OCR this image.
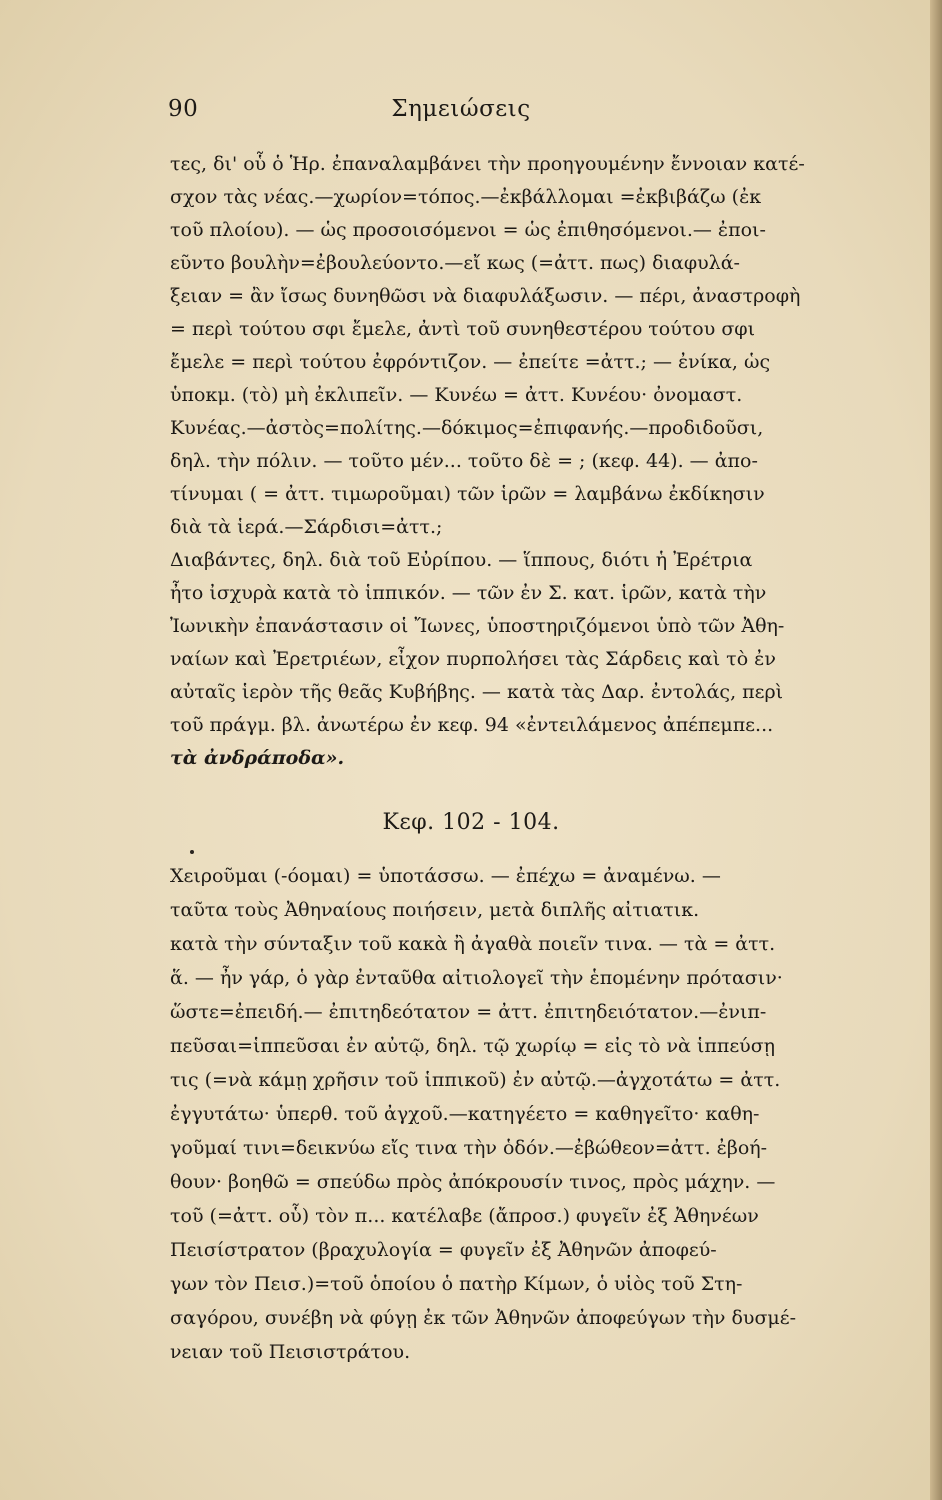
90	Σημειώσεις
τες, δι' οὗ ὁ Ἡρ. ἐπαναλαμβάνει τὴν προηγουμένην ἔννοιαν κατέ-
σχον τὰς νέας.—χωρίον=τόπος.—ἐκβάλλομαι =ἐκβιβάζω (ἐκ
τοῦ πλοίου). — ὡς προσοισόμενοι = ὡς ἐπιθησόμενοι.— ἐποι-
εῦντο βουλὴν=ἐβουλεύοντο.—εἴ κως (=ἀττ. πως) διαφυλά-
ξειαν = ἂν ἴσως δυνηθῶσι νὰ διαφυλάξωσιν. — πέρι, ἀναστροφὴ
= περὶ τούτου σφι ἔμελε, ἀντὶ τοῦ συνηθεστέρου τούτου σφι
ἔμελε = περὶ τούτου ἐφρόντιζον. — ἐπείτε =ἀττ.; — ἐνίκα, ὡς
ὑποκμ. (τὸ) μὴ ἐκλιπεῖν. — Κυνέω = ἀττ. Κυνέου· ὀνομαστ.
Κυνέας.—ἀστὸς=πολίτης.—δόκιμος=ἐπιφανής.—προδιδοῦσι,
δηλ. τὴν πόλιν. — τοῦτο μέν... τοῦτο δὲ = ; (κεφ. 44). — ἀπο-
τίνυμαι ( = ἀττ. τιμωροῦμαι) τῶν ἱρῶν = λαμβάνω ἐκδίκησιν
διὰ τὰ ἱερά.—Σάρδισι=ἀττ.;
Διαβάντες, δηλ. διὰ τοῦ Εὐρίπου. — ἵππους, διότι ἡ Ἐρέτρια
ἦτο ἰσχυρὰ κατὰ τὸ ἱππικόν. — τῶν ἐν Σ. κατ. ἱρῶν, κατὰ τὴν
Ἰωνικὴν ἐπανάστασιν οἱ Ἴωνες, ὑποστηριζόμενοι ὑπὸ τῶν Ἀθη-
ναίων καὶ Ἐρετριέων, εἶχον πυρπολήσει τὰς Σάρδεις καὶ τὸ ἐν
αὐταῖς ἱερὸν τῆς θεᾶς Κυβήβης. — κατὰ τὰς Δαρ. ἐντολάς, περὶ
τοῦ πράγμ. βλ. ἀνωτέρω ἐν κεφ. 94 «ἐντειλάμενος ἀπέπεμπε...
τὰ ἀνδράποδα».
Κεφ. 102 - 104.
Χειροῦμαι (-όομαι) = ὑποτάσσω. — ἐπέχω = ἀναμένω. —
ταῦτα τοὺς Ἀθηναίους ποιήσειν, μετὰ διπλῆς αἰτιατικ.
κατὰ τὴν σύνταξιν τοῦ κακὰ ἢ ἀγαθὰ ποιεῖν τινα. — τὰ = ἀττ.
ἅ. — ἦν γάρ, ὁ γὰρ ἐνταῦθα αἰτιολογεῖ τὴν ἑπομένην πρότασιν·
ὥστε=ἐπειδή.— ἐπιτηδεότατον = ἀττ. ἐπιτηδειότατον.—ἐνιπ-
πεῦσαι=ἱππεῦσαι ἐν αὐτῷ, δηλ. τῷ χωρίῳ = εἰς τὸ νὰ ἱππεύσῃ
τις (=νὰ κάμῃ χρῆσιν τοῦ ἱππικοῦ) ἐν αὐτῷ.—ἀγχοτάτω = ἀττ.
ἐγγυτάτω· ὑπερθ. τοῦ ἀγχοῦ.—κατηγέετο = καθηγεῖτο· καθη-
γοῦμαί τινι=δεικνύω εἴς τινα τὴν ὁδόν.—ἐβώθεον=ἀττ. ἐβοή-
θουν· βοηθῶ = σπεύδω πρὸς ἀπόκρουσίν τινος, πρὸς μάχην. —
τοῦ (=ἀττ. οὗ) τὸν π... κατέλαβε (ἄπροσ.) φυγεῖν ἐξ Ἀθηνέων
Πεισίστρατον (βραχυλογία = φυγεῖν ἐξ Ἀθηνῶν ἀποφεύ-
γων τὸν Πεισ.)=τοῦ ὁποίου ὁ πατὴρ Κίμων, ὁ υἱὸς τοῦ Στη-
σαγόρου, συνέβη νὰ φύγῃ ἐκ τῶν Ἀθηνῶν ἀποφεύγων τὴν δυσμέ-
νειαν τοῦ Πεισιστράτου.
